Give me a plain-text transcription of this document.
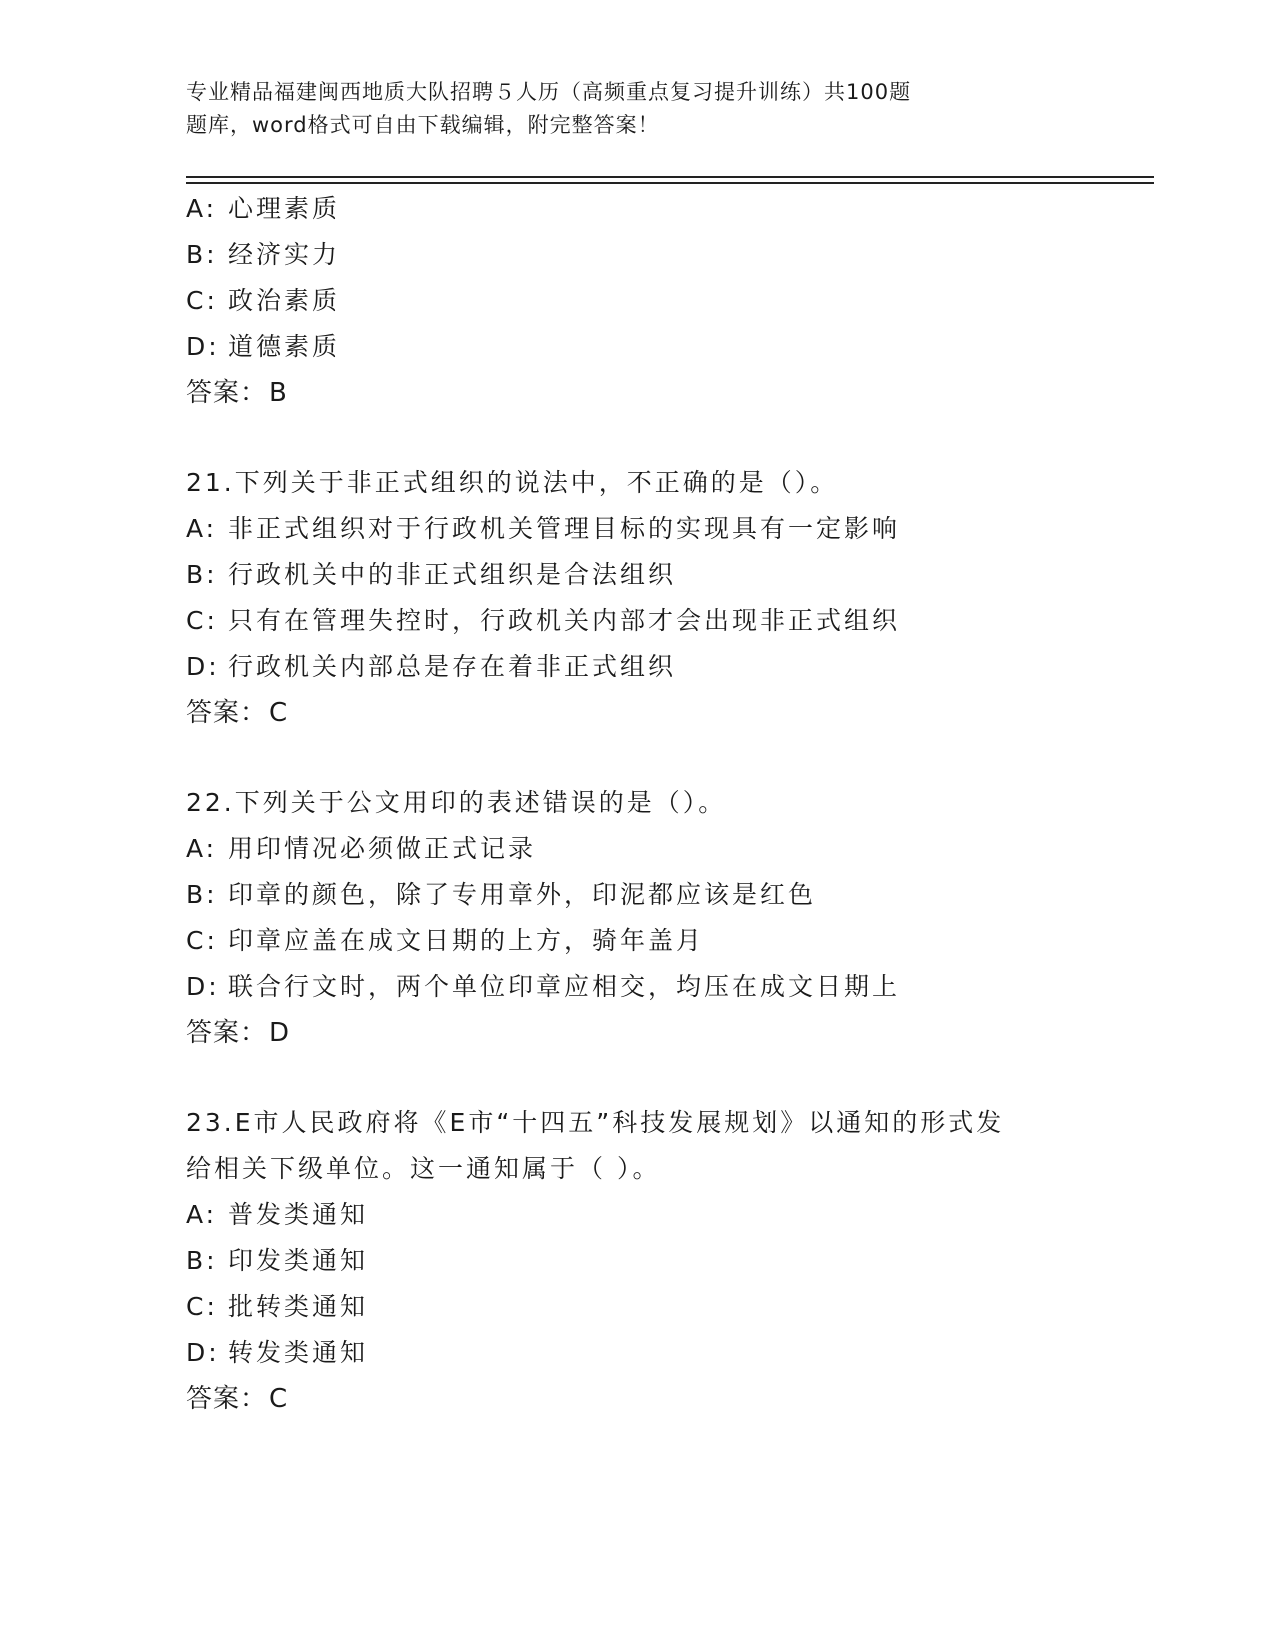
专业精品福建闽西地质大队招聘５人历（高频重点复习提升训练）共100题
题库，word格式可自由下载编辑，附完整答案！
A: 心理素质
B: 经济实力
C: 政治素质
D: 道德素质
答案：B
21.下列关于非正式组织的说法中，不正确的是（）。
A: 非正式组织对于行政机关管理目标的实现具有一定影响
B: 行政机关中的非正式组织是合法组织
C: 只有在管理失控时，行政机关内部才会出现非正式组织
D: 行政机关内部总是存在着非正式组织
答案：C
22.下列关于公文用印的表述错误的是（）。
A: 用印情况必须做正式记录
B: 印章的颜色，除了专用章外，印泥都应该是红色
C: 印章应盖在成文日期的上方，骑年盖月
D: 联合行文时，两个单位印章应相交，均压在成文日期上
答案：D
23.E市人民政府将《E市“十四五”科技发展规划》以通知的形式发
给相关下级单位。这一通知属于（ ）。
A: 普发类通知
B: 印发类通知
C: 批转类通知
D: 转发类通知
答案：C
